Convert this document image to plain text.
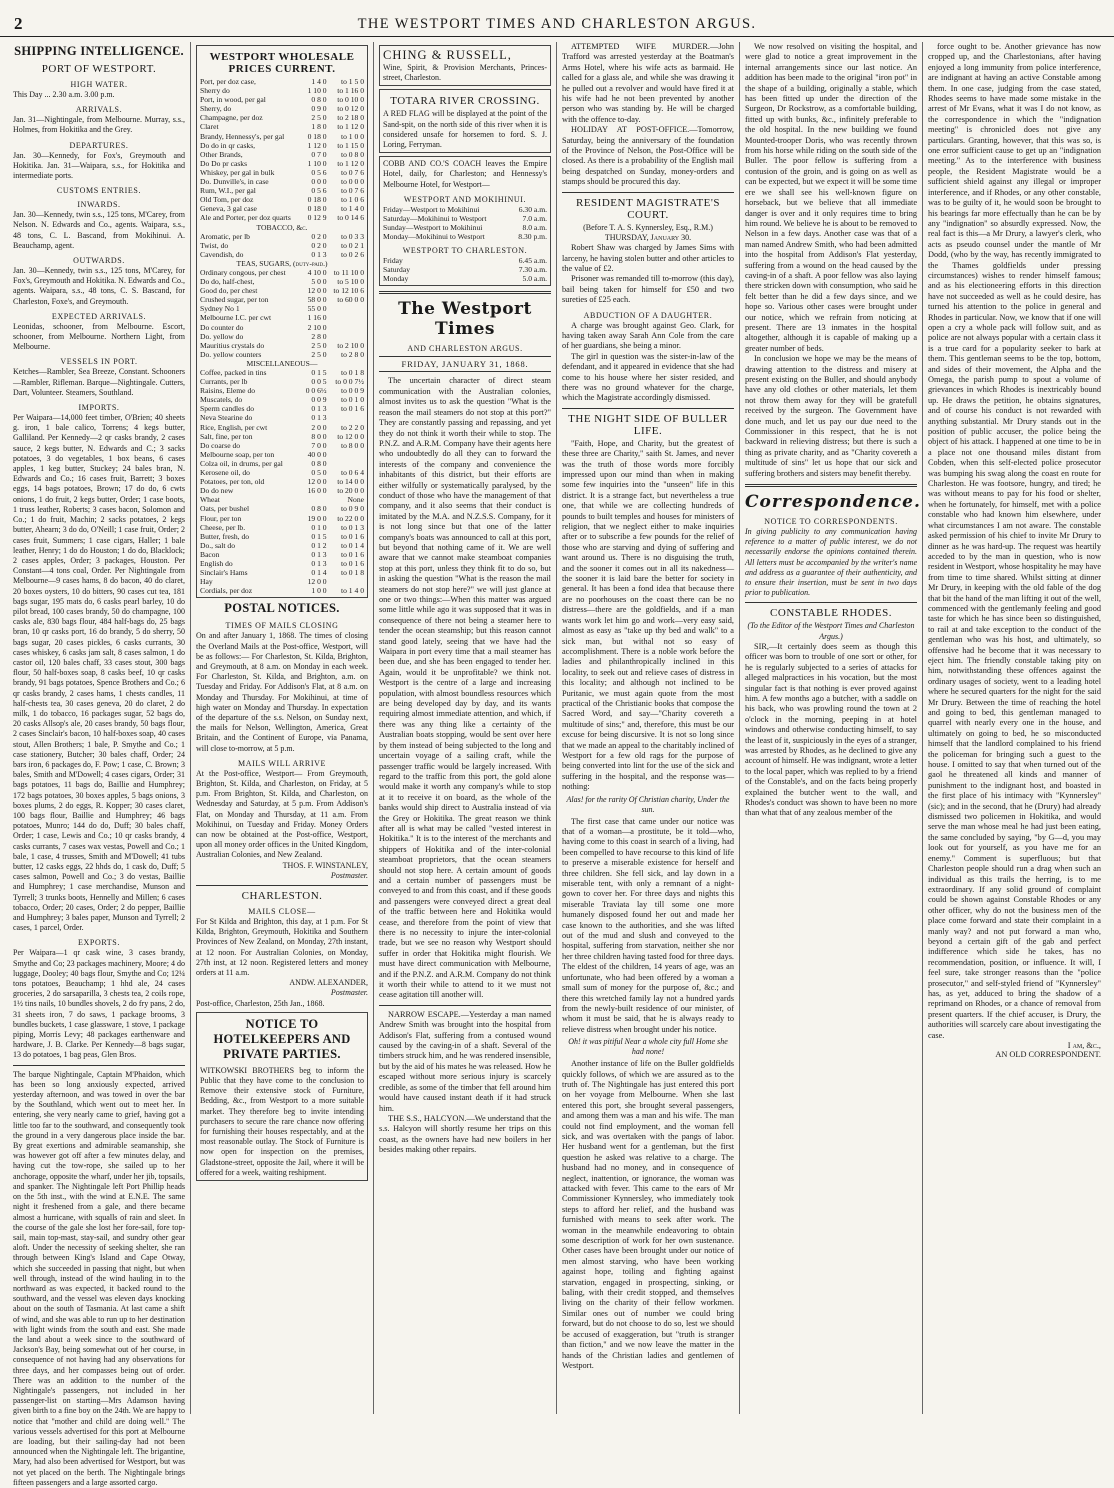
2	THE WESTPORT TIMES AND CHARLESTON ARGUS.
SHIPPING INTELLIGENCE.
PORT OF WESTPORT.
HIGH WATER.
This Day ... 2.30 a.m. 3.00 p.m.
ARRIVALS.
Jan. 31—Nightingale, from Melbourne. Murray, s.s., Holmes, from Hokitika and the Grey.
DEPARTURES.
Jan. 30—Kennedy, for Fox's, Greymouth and Hokitika. Jan. 31—Waipara, s.s., for Hokitika and intermediate ports.
CUSTOMS ENTRIES.
INWARDS.
Jan. 30—Kennedy, twin s.s., 125 tons, M'Carey, from Nelson. N. Edwards and Co., agents. Waipara, s.s., 48 tons, C. L. Bascand, from Mokihinui. A. Beauchamp, agent.
OUTWARDS.
Jan. 30—Kennedy, twin s.s., 125 tons, M'Carey, for Fox's, Greymouth and Hokitika. N. Edwards and Co., agents. Waipara, s.s., 48 tons, C. S. Bascand, for Charleston, Foxe's, and Greymouth.
EXPECTED ARRIVALS.
Leonidas, schooner, from Melbourne. Escort, schooner, from Melbourne. Northern Light, from Melbourne.
VESSELS IN PORT.
Ketches—Rambler, Sea Breeze, Constant. Schooners—Rambler, Rifleman. Barque—Nightingale. Cutters, Dart, Volunteer. Steamers, Southland.
IMPORTS.
Per Waipara—14,000 feet timber, O'Brien; 40 sheets g. iron, 1 bale calico, Torrens; 4 kegs butter, Galliland. Per Kennedy—2 qr casks brandy, 2 cases sauce, 2 kegs butter, N. Edwards and C.; 3 sacks potatoes, 3 do vegetables, 1 box beans, 6 cases apples, 1 keg butter, Stuckey; 24 bales bran, N. Edwards and Co.; 16 cases fruit, Barrett; 3 boxes eggs, 14 bags potatoes, Brown; 17 do do, 6 cwts onions, 1 do fruit, 2 kegs butter, Order; 1 case boots, 1 truss leather, Roberts; 3 cases bacon, Solomon and Co.; 1 do fruit, Machin; 2 sacks potatoes, 2 kegs butter, Ahearn; 3 do do, O'Neill; 1 case fruit, Order; 2 cases fruit, Summers; 1 case cigars, Haller; 1 bale leather, Henry; 1 do do Houston; 1 do do, Blacklock; 2 cases apples, Order; 3 packages, Houston. Per Constant—4 tons coal, Order. Per Nightingale from Melbourne—9 cases hams, 8 do bacon, 40 do claret, 20 boxes oysters, 10 do bitters, 90 cases cut tea, 181 bags sugar, 195 mats do, 6 casks pearl barley, 10 do pilot bread, 100 cases brandy, 50 do champagne, 100 casks ale, 830 bags flour, 484 half-bags do, 25 bags bran, 10 qr casks port, 16 do brandy, 5 do sherry, 50 bags sugar, 20 cases pickles, 6 casks currants, 30 cases whiskey, 6 casks jam salt, 8 cases salmon, 1 do castor oil, 120 bales chaff, 33 cases stout, 300 bags flour, 50 half-boxes soap, 8 casks beef, 10 qr casks brandy, 91 bags potatoes, Spence Brothers and Co.; 6 qr casks brandy, 2 cases hams, 1 chests candles, 11 half-chests tea, 30 cases geneva, 20 do claret, 2 do milk, 1 do tobacco, 16 packages sugar, 52 bags do, 20 casks Allsop's ale, 20 cases brandy, 50 bags flour, 2 cases Sinclair's bacon, 10 half-boxes soap, 40 cases stout, Allen Brothers; 1 bale, P. Smythe and Co.; 1 case stationery, Butcher; 30 bales chaff, Order; 24 bars iron, 6 packages do, F. Pow; 1 case, C. Brown; 3 bales, Smith and M'Dowell; 4 cases cigars, Order; 31 bags potatoes, 11 bags do, Baillie and Humphrey; 172 bags potatoes, 30 boxes apples, 5 bags onions, 3 boxes plums, 2 do eggs, R. Kopper; 30 cases claret, 100 bags flour, Baillie and Humphrey; 46 bags potatoes, Munro; 144 do do, Duff; 30 bales chaff, Order; 1 case, Lewis and Co.; 10 qr casks brandy, 4 casks currants, 7 cases wax vestas, Powell and Co.; 1 bale, 1 case, 4 trusses, Smith and M'Dowell; 41 tubs butter, 12 casks eggs, 22 hhds do, 1 cask do, Duff; 5 cases salmon, Powell and Co.; 3 do vestas, Baillie and Humphrey; 1 case merchandise, Munson and Tyrrell; 3 trunks boots, Hennelly and Millen; 6 cases tobacco, Order; 20 cases, Order; 2 do pepper, Baillie and Humphrey; 3 bales paper, Munson and Tyrrell; 2 cases, 1 parcel, Order.
EXPORTS.
Per Waipara—1 qr cask wine, 3 cases brandy, Smythe and Co; 23 packages machinery, Moore; 4 do luggage, Dooley; 40 bags flour, Smythe and Co; 12¼ tons potatoes, Beauchamp; 1 hhd ale, 24 cases groceries, 2 do sarsaparilla, 3 chests tea, 2 coils rope, 1½ tins nails, 10 bundles shovels, 2 do fry pans, 2 do, 31 sheets iron, 7 do saws, 1 package brooms, 3 bundles buckets, 1 case glassware, 1 stove, 1 package piping, Morris Levy; 48 packages earthenware and hardware, J. B. Clarke. Per Kennedy—8 bags sugar, 13 do potatoes, 1 bag peas, Glen Bros.
The barque Nightingale, Captain M'Phaidon, which has been so long anxiously expected, arrived yesterday afternoon, and was towed in over the bar by the Southland, which went out to meet her. In entering, she very nearly came to grief, having got a little too far to the southward, and consequently took the ground in a very dangerous place inside the bar. By great exertions and admirable seamanship, she was however got off after a few minutes delay, and having cut the tow-rope, she sailed up to her anchorage, opposite the wharf, under her jib, topsails, and spanker. The Nightingale left Port Phillip heads on the 5th inst., with the wind at E.N.E. The same night it freshened from a gale, and there became almost a hurricane, with squalls of rain and sleet. In the course of the gale she lost her fore-sail, fore top-sail, main top-mast, stay-sail, and sundry other gear aloft. Under the necessity of seeking shelter, she ran through between King's Island and Cape Otway, which she succeeded in passing that night, but when well through, instead of the wind hauling in to the northward as was expected, it backed round to the southward, and the vessel was eleven days knocking about on the south of Tasmania. At last came a shift of wind, and she was able to run up to her destination with light winds from the south and east. She made the land about a week since to the southward of Jackson's Bay, being somewhat out of her course, in consequence of not having had any observations for three days, and her compasses being out of order. There was an addition to the number of the Nightingale's passengers, not included in her passenger-list on starting—Mrs Adamson having given birth to a fine boy on the 24th. We are happy to notice that "mother and child are doing well." The various vessels advertised for this port at Melbourne are loading, but their sailing-day had not been announced when the Nightingale left. The brigantine, Mary, had also been advertised for Westport, but was not yet placed on the berth. The Nightingale brings fifteen passengers and a large assorted cargo.
WESTPORT WHOLESALE PRICES CURRENT.
Port, per doz case,	1 4 0	to 1 5 0
Sherry do	1 10 0	to 1 16 0
Port, in wood, per gal	0 8 0	to 0 10 0
Sherry, do	0 9 0	to 0 12 0
Champagne, per doz	2 5 0	to 2 18 0
Claret	1 8 0	to 1 12 0
Brandy, Hennessy's, per gal	0 18 0	to 1 0 0
Do do in qr casks,	1 12 0	to 1 15 0
Other Brands,	0 7 0	to 0 8 0
Do Do pr casks	1 10 0	to 1 12 0
Whiskey, per gal in bulk	0 5 6	to 0 7 6
Do. Dunville's, in case	0 0 0	to 0 0 0
Rum, W.I., per gal	0 5 6	to 0 7 6
Old Tom, per doz	0 18 0	to 1 0 6
Geneva, 3 gal case	0 18 0	to 1 4 0
Ale and Porter, per doz quarts	0 12 9	to 0 14 6
TOBACCO, &c.		
Aromatic, per lb	0 2 0	to 0 3 3
Twist, do	0 2 0	to 0 2 1
Cavendish, do	0 1 3	to 0 2 6
TEAS, SUGARS, (duty-paid.)		
Ordinary congous, per chest	4 10 0	to 11 10 0
Do do, half-chest,	5 0 0	to 5 10 0
Good do, per chest	12 0 0	to 12 10 6
Crushed sugar, per ton	58 0 0	to 60 0 0
Sydney No 1	55 0 0	
Melbourne I.C. per cwt	1 16 0	
Do counter do	2 10 0	
Do. yellow do	2 8 0	
Mauritius crystals do	2 5 0	to 2 10 0
Do. yellow counters	2 5 0	to 2 8 0
MISCELLANEOUS—		
Coffee, packed in tins	0 1 5	to 0 1 8
Currants, per lb	0 0 5	to 0 0 7½
Raisins, Eleme do	0 0 6½	to 0 0 9
Muscatels, do	0 0 9	to 0 1 0
Sperm candles do	0 1 3	to 0 1 6
Neva Stearine do	0 1 3	
Rice, English, per cwt	2 0 0	to 2 2 0
Salt, fine, per ton	8 0 0	to 12 0 0
Do coarse do	7 0 0	to 8 0 0
Melbourne soap, per ton	40 0 0	
Colza oil, in drums, per gal	0 8 0	
Kerosene oil, do	0 5 0	to 0 6 4
Potatoes, per ton, old	12 0 0	to 14 0 0
Do do new	16 0 0	to 20 0 0
Wheat		None
Oats, per bushel	0 8 0	to 0 9 0
Flour, per ton	19 0 0	to 22 0 0
Cheese, per lb.	0 1 0	to 0 1 3
Butter, fresh, do	0 1 5	to 0 1 6
Do., salt do	0 1 2	to 0 1 4
Bacon	0 1 3	to 0 1 6
English do	0 1 3	to 0 1 6
Sinclair's Hams	0 1 4	to 0 1 8
Hay	12 0 0	
Cordials, per doz	1 0 0	to 1 4 0
POSTAL NOTICES.
TIMES OF MAILS CLOSING
On and after January 1, 1868. The times of closing the Overland Mails at the Post-office, Westport, will be as follows:— For Charleston, St. Kilda, Brighton, and Greymouth, at 8 a.m. on Monday in each week. For Charleston, St. Kilda, and Brighton, a.m. on Tuesday and Friday. For Addison's Flat, at 8 a.m. on Monday and Thursday. For Mokihinui, at time of high water on Monday and Thursday. In expectation of the departure of the s.s. Nelson, on Sunday next, the mails for Nelson, Wellington, America, Great Britain, and the Continent of Europe, via Panama, will close to-morrow, at 5 p.m.
MAILS WILL ARRIVE
At the Post-office, Westport— From Greymouth, Brighton, St. Kilda, and Charleston, on Friday, at 5 p.m. From Brighton, St. Kilda, and Charleston, on Wednesday and Saturday, at 5 p.m. From Addison's Flat, on Monday and Thursday, at 11 a.m. From Mokihinui, on Tuesday and Friday. Money Orders can now be obtained at the Post-office, Westport, upon all money order offices in the United Kingdom, Australian Colonies, and New Zealand.
THOS. F. WINSTANLEY,
Postmaster.
CHARLESTON.
MAILS CLOSE—
For St Kilda and Brighton, this day, at 1 p.m. For St Kilda, Brighton, Greymouth, Hokitika and Southern Provinces of New Zealand, on Monday, 27th instant, at 12 noon. For Australian Colonies, on Monday, 27th inst, at 12 noon. Registered letters and money orders at 11 a.m.
ANDW. ALEXANDER,
Postmaster.
Post-office, Charleston, 25th Jan., 1868.
NOTICE TO HOTELKEEPERS AND PRIVATE PARTIES.
WITKOWSKI BROTHERS beg to inform the Public that they have come to the conclusion to Remove their extensive stock of Furniture, Bedding, &c., from Westport to a more suitable market. They therefore beg to invite intending purchasers to secure the rare chance now offering for furnishing their houses respectably, and at the most reasonable outlay. The Stock of Furniture is now open for inspection on the premises, Gladstone-street, opposite the Jail, where it will be offered for a week, waiting reshipment.
CHING & RUSSELL,
Wine, Spirit, & Provision Merchants, Princes-street, Charleston.
TOTARA RIVER CROSSING.
A RED FLAG will be displayed at the point of the Sand-spit, on the north side of this river when it is considered unsafe for horsemen to ford. S. J. Loring, Ferryman.
COBB AND CO.'S COACH leaves the Empire Hotel, daily, for Charleston; and Hennessy's Melbourne Hotel, for Westport—
WESTPORT AND MOKIHINUI.
Friday—Westport to Mokihinui	6.30 a.m.
Saturday—Mokihinui to Westport	7.0 a.m.
Sunday—Westport to Mokihinui	8.0 a.m.
Monday—Mokihinui to Westport	8.30 p.m.
WESTPORT TO CHARLESTON.
Friday	6.45 a.m.
Saturday	7.30 a.m.
Monday	5.0 a.m.
The Westport Times
AND CHARLESTON ARGUS.
FRIDAY, JANUARY 31, 1868.

The uncertain character of direct steam communication with the Australian colonies, almost invites us to ask the question "What is the reason the mail steamers do not stop at this port?" They are constantly passing and repassing, and yet they do not think it worth their while to stop. The P.N.Z. and A.R.M. Company have their agents here who undoubtedly do all they can to forward the interests of the company and convenience the inhabitants of this district, but their efforts are either wilfully or systematically paralysed, by the conduct of those who have the management of that company, and it also seems that their conduct is imitated by the M.A. and N.Z.S.S. Company, for it is not long since but that one of the latter company's boats was announced to call at this port, but beyond that nothing came of it. We are well aware that we cannot make steamboat companies stop at this port, unless they think fit to do so, but in asking the question "What is the reason the mail steamers do not stop here?" we will just glance at one or two things:—When this matter was argued some little while ago it was supposed that it was in consequence of there not being a steamer here to tender the ocean steamship; but this reason cannot stand good lately, seeing that we have had the Waipara in port every time that a mail steamer has been due, and she has been engaged to tender her. Again, would it be unprofitable? we think not. Westport is the centre of a large and increasing population, with almost boundless resources which are being developed day by day, and its wants requiring almost immediate attention, and which, if there was any thing like a certainty of the Australian boats stopping, would be sent over here by them instead of being subjected to the long and uncertain voyage of a sailing craft, while the passenger traffic would be largely increased. With regard to the traffic from this port, the gold alone would make it worth any company's while to stop at it to receive it on board, as the whole of the banks would ship direct to Australia instead of via the Grey or Hokitika. The great reason we think after all is what may be called "vested interest in Hokitika." It is to the interest of the merchants and shippers of Hokitika and of the inter-colonial steamboat proprietors, that the ocean steamers should not stop here. A certain amount of goods and a certain number of passengers must be conveyed to and from this coast, and if these goods and passengers were conveyed direct a great deal of the traffic between here and Hokitika would cease, and therefore from the point of view that there is no necessity to injure the inter-colonial trade, but we see no reason why Westport should suffer in order that Hokitika might flourish. We must have direct communication with Melbourne, and if the P.N.Z. and A.R.M. Company do not think it worth their while to attend to it we must not cease agitation till another will.

NARROW ESCAPE.—Yesterday a man named Andrew Smith was brought into the hospital from Addison's Flat, suffering from a contused wound caused by the caving-in of a shaft. Several of the timbers struck him, and he was rendered insensible, but by the aid of his mates he was released. How he escaped without more serious injury is scarcely credible, as some of the timber that fell around him would have caused instant death if it had struck him.

THE S.S., HALCYON.—We understand that the s.s. Halcyon will shortly resume her trips on this coast, as the owners have had new boilers in her besides making other repairs.

ATTEMPTED WIFE MURDER.—John Trafford was arrested yesterday at the Boatman's Arms Hotel, where his wife acts as barmaid. He called for a glass ale, and while she was drawing it he pulled out a revolver and would have fired it at his wife had he not been prevented by another person who was standing by. He will be charged with the offence to-day.

HOLIDAY AT POST-OFFICE.—Tomorrow, Saturday, being the anniversary of the foundation of the Province of Nelson, the Post-Office will be closed. As there is a probability of the English mail being despatched on Sunday, money-orders and stamps should be procured this day.

RESIDENT MAGISTRATE'S COURT.
(Before T. A. S. Kynnersley, Esq., R.M.)
THURSDAY, January 30.

Robert Shaw was charged by James Sims with larceny, he having stolen butter and other articles to the value of £2.

Prisoner was remanded till to-morrow (this day), bail being taken for himself for £50 and two sureties of £25 each.

ABDUCTION OF A DAUGHTER.

A charge was brought against Geo. Clark, for having taken away Sarah Ann Cole from the care of her guardians, she being a minor.

The girl in question was the sister-in-law of the defendant, and it appeared in evidence that she had come to his house where her sister resided, and there was no ground whatever for the charge, which the Magistrate accordingly dismissed.

THE NIGHT SIDE OF BULLER LIFE.

"Faith, Hope, and Charity, but the greatest of these three are Charity," saith St. James, and never was the truth of those words more forcibly impressed upon our mind than when in making some few inquiries into the "unseen" life in this district. It is a strange fact, but nevertheless a true one, that while we are collecting hundreds of pounds to built temples and houses for ministers of religion, that we neglect either to make inquiries after or to subscribe a few pounds for the relief of those who are starving and dying of suffering and want around us. There is no disguising the truth, and the sooner it comes out in all its nakedness—the sooner it is laid bare the better for society in general. It has been a fond idea that because there are no poorhouses on the coast there can be no distress—there are the goldfields, and if a man wants work let him go and work—very easy said, almost as easy as "take up thy bed and walk" to a sick man, but withal not so easy of accomplishment. There is a noble work before the ladies and philanthropically inclined in this locality, to seek out and relieve cases of distress in this locality; and although not inclined to be Puritanic, we must again quote from the most practical of the Christianic books that compose the Sacred Word, and say—"Charity covereth a multitude of sins;" and, therefore, this must be our excuse for being discursive. It is not so long since that we made an appeal to the charitably inclined of Westport for a few old rags for the purpose of being converted into lint for the use of the sick and suffering in the hospital, and the response was—nothing:

Alas! for the rarity Of Christian charity, Under the sun.

The first case that came under our notice was that of a woman—a prostitute, be it told—who, having come to this coast in search of a living, had been compelled to have recourse to this kind of life to preserve a miserable existence for herself and three children. She fell sick, and lay down in a miserable tent, with only a remnant of a night-gown to cover her. For three days and nights this miserable Traviata lay till some one more humanely disposed found her out and made her case known to the authorities, and she was lifted out of the mud and slush and conveyed to the hospital, suffering from starvation, neither she nor her three children having tasted food for three days. The eldest of the children, 14 years of age, was an unfortunate, who had been offered by a woman a small sum of money for the purpose of, &c.; and there this wretched family lay not a hundred yards from the newly-built residence of our minister, of whom it must be said, that he is always ready to relieve distress when brought under his notice.

Oh! it was pitiful Near a whole city full Home she had none!

Another instance of life on the Buller goldfields quickly follows, of which we are assured as to the truth of. The Nightingale has just entered this port on her voyage from Melbourne. When she last entered this port, she brought several passengers, and among them was a man and his wife. The man could not find employment, and the woman fell sick, and was overtaken with the pangs of labor. Her husband went for a gentleman, but the first question he asked was relative to a charge. The husband had no money, and in consequence of neglect, inattention, or ignorance, the woman was attacked with fever. This came to the ears of Mr Commissioner Kynnersley, who immediately took steps to afford her relief, and the husband was furnished with means to seek after work. The woman in the meanwhile endeavoring to obtain some description of work for her own sustenance. Other cases have been brought under our notice of men almost starving, who have been working against hope, toiling and fighting against starvation, engaged in prospecting, sinking, or baling, with their credit stopped, and themselves living on the charity of their fellow workmen. Similar ones out of number we could bring forward, but do not choose to do so, lest we should be accused of exaggeration, but "truth is stranger than fiction," and we now leave the matter in the hands of the Christian ladies and gentlemen of Westport.

We now resolved on visiting the hospital, and were glad to notice a great improvement in the internal arrangements since our last notice. An addition has been made to the original "iron pot" in the shape of a building, originally a stable, which has been fitted up under the direction of the Surgeon, Dr Rockstrow, as a comfortable building, fitted up with bunks, &c., infinitely preferable to the old hospital. In the new building we found Mounted-trooper Doris, who was recently thrown from his horse while riding on the south side of the Buller. The poor fellow is suffering from a contusion of the groin, and is going on as well as can be expected, but we expect it will be some time ere we shall see his well-known figure on horseback, but we believe that all immediate danger is over and it only requires time to bring him round. We believe he is about to be removed to Nelson in a few days. Another case was that of a man named Andrew Smith, who had been admitted into the hospital from Addison's Flat yesterday, suffering from a wound on the head caused by the caving-in of a shaft. A poor fellow was also laying there stricken down with consumption, who said he felt better than he did a few days since, and we hope so. Various other cases were brought under our notice, which we refrain from noticing at present. There are 13 inmates in the hospital altogether, although it is capable of making up a greater number of beds.

In conclusion we hope we may be the means of drawing attention to the distress and misery at present existing on the Buller, and should anybody have any old clothes or other materials, let them not throw them away for they will be gratefull received by the surgeon. The Government have done much, and let us pay our due need to the Commissioner in this respect, that he is not backward in relieving distress; but there is such a thing as private charity, and as "Charity covereth a multitude of sins" let us hope that our sick and suffering brothers and sisters may benefit thereby.

Correspondence.
NOTICE TO CORRESPONDENTS.
In giving publicity to any communication having reference to a matter of public interest, we do not necessarily endorse the opinions contained therein. All letters must be accompanied by the writer's name and address as a guarantee of their authenticity, and to ensure their insertion, must be sent in two days prior to publication.
CONSTABLE RHODES.
(To the Editor of the Westport Times and Charleston Argus.)

SIR,—It certainly does seem as though this officer was born to trouble of one sort or other, for he is regularly subjected to a series of attacks for alleged malpractices in his vocation, but the most singular fact is that nothing is ever proved against him. A few months ago a butcher, with a saddle on his back, who was prowling round the town at 2 o'clock in the morning, peeping in at hotel windows and otherwise conducting himself, to say the least of it, suspiciously in the eyes of a stranger, was arrested by Rhodes, as he declined to give any account of himself. He was indignant, wrote a letter to the local paper, which was replied to by a friend of the Constable's, and on the facts being properly explained the butcher went to the wall, and Rhodes's conduct was shown to have been no more than what that of any zealous member of the

force ought to be. Another grievance has now cropped up, and the Charlestonians, after having enjoyed a long immunity from police interference, are indignant at having an active Constable among them. In one case, judging from the case stated, Rhodes seems to have made some mistake in the arrest of Mr Evans, what it was I do not know, as the correspondence in which the "indignation meeting" is chronicled does not give any particulars. Granting, however, that this was so, is one error sufficient cause to get up an "indignation meeting." As to the interference with business people, the Resident Magistrate would be a sufficient shield against any illegal or improper interference, and if Rhodes, or any other constable, was to be guilty of it, he would soon be brought to his bearings far more effectually than he can be by any "indignation" so absurdly expressed. Now, the real fact is this—a Mr Drury, a lawyer's clerk, who acts as pseudo counsel under the mantle of Mr Dodd, (who by the way, has recently immigrated to the Thames goldfields under pressing circumstances) wishes to render himself famous; and as his electioneering efforts in this direction have not succeeded as well as he could desire, has turned his attention to the police in general and Rhodes in particular. Now, we know that if one will open a cry a whole pack will follow suit, and as police are not always popular with a certain class it is a true card for a popularity seeker to bark at them. This gentleman seems to be the top, bottom, and sides of their movement, the Alpha and the Omega, the parish pump to spout a volume of grievances in which Rhodes is inextricably bound up. He draws the petition, he obtains signatures, and of course his conduct is not rewarded with anything substantial. Mr Drury stands out in the position of public accuser, the police being the object of his attack. I happened at one time to be in a place not one thousand miles distant from Cobden, when this self-elected police prosecutor was bumping his swag along the coast en route for Charleston. He was footsore, hungry, and tired; he was without means to pay for his food or shelter, when he fortunately, for himself, met with a police constable who had known him elsewhere, under what circumstances I am not aware. The constable asked permission of his chief to invite Mr Drury to dinner as he was hard-up. The request was heartily acceded to by the man in question, who is now resident in Westport, whose hospitality he may have from time to time shared. Whilst sitting at dinner Mr Drury, in keeping with the old fable of the dog that bit the hand of the man lifting it out of the well, commenced with the gentlemanly feeling and good taste for which he has since been so distinguished, to rail at and take exception to the conduct of the gentleman who was his host, and ultimately, so offensive had he become that it was necessary to eject him. The friendly constable taking pity on him, notwithstanding these offences against the ordinary usages of society, went to a leading hotel where he secured quarters for the night for the said Mr Drury. Between the time of reaching the hotel and going to bed, this gentleman managed to quarrel with nearly every one in the house, and ultimately on going to bed, he so misconducted himself that the landlord complained to his friend the policeman for bringing such a guest to the house. I omitted to say that when turned out of the gaol he threatened all kinds and manner of punishment to the indignant host, and boasted in the first place of his intimacy with "Kynnersley" (sic); and in the second, that he (Drury) had already dismissed two policemen in Hokitika, and would serve the man whose meal he had just been eating, the same concluded by saying, "by G—d, you may look out for yourself, as you have me for an enemy." Comment is superfluous; but that Charleston people should run a drag when such an individual as this trails the herring, is to me extraordinary. If any solid ground of complaint could be shown against Constable Rhodes or any other officer, why do not the business men of the place come forward and state their complaint in a manly way? and not put forward a man who, beyond a certain gift of the gab and perfect indifference which side he takes, has no recommendation, position, or influence. It will, I feel sure, take stronger reasons than the "police prosecutor," and self-styled friend of "Kynnersley" has, as yet, adduced to bring the shadow of a reprimand on Rhodes, or a chance of removal from present quarters. If the chief accuser, is Drury, the authorities will scarcely care about investigating the case.

I am, &c.,
AN OLD CORRESPONDENT.
